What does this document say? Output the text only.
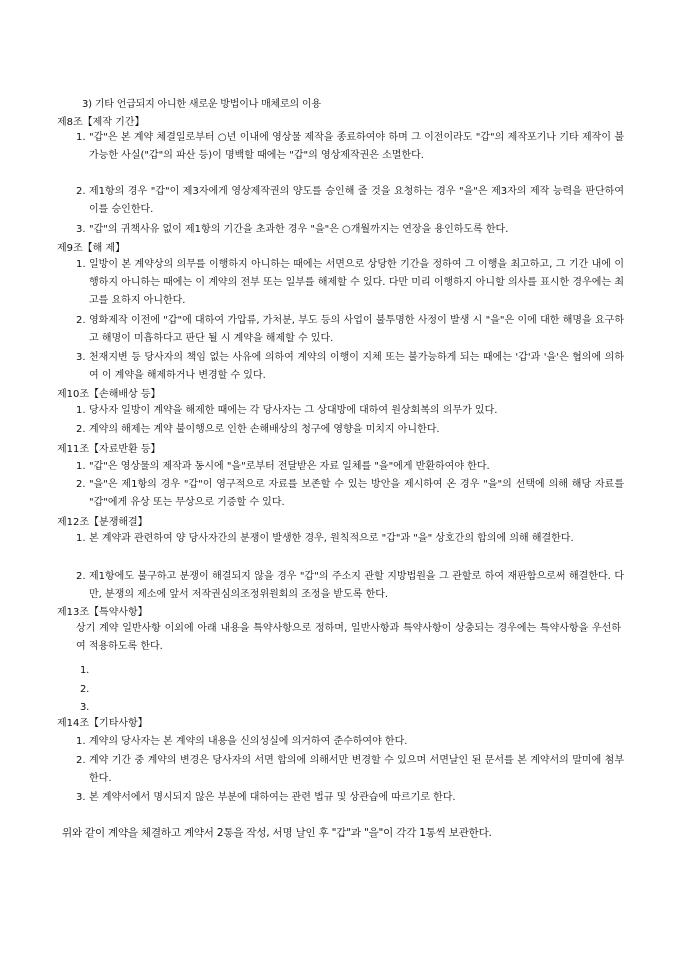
3) 기타 언급되지 아니한 새로운 방법이나 매체로의 이용
제8조【제작 기간】
1. "갑"은 본 계약 체결일로부터 ○년 이내에 영상물 제작을 종료하여야 하며 그 이전이라도 "갑"의 제작포기나 기타 제작이 불가능한 사실("갑"의 파산 등)이 명백할 때에는 "갑"의 영상제작권은 소멸한다.
2. 제1항의 경우 "갑"이 제3자에게 영상제작권의 양도를 승인해 줄 것을 요청하는 경우 "을"은 제3자의 제작 능력을 판단하여 이를 승인한다.
3. "갑"의 귀책사유 없이 제1항의 기간을 초과한 경우 "을"은 ○개월까지는 연장을 용인하도록 한다.
제9조【해 제】
1. 일방이 본 계약상의 의무를 이행하지 아니하는 때에는 서면으로 상당한 기간을 정하여 그 이행을 최고하고, 그 기간 내에 이행하지 아니하는 때에는 이 계약의 전부 또는 일부를 해제할 수 있다. 다만 미리 이행하지 아니할 의사를 표시한 경우에는 최고를 요하지 아니한다.
2. 영화제작 이전에 "갑"에 대하여 가압류, 가처분, 부도 등의 사업이 불투명한 사정이 발생 시 "을"은 이에 대한 해명을 요구하고 해명이 미흡하다고 판단 될 시 계약을 해제할 수 있다.
3. 천재지변 등 당사자의 책임 없는 사유에 의하여 계약의 이행이 지체 또는 불가능하게 되는 때에는 '갑'과 '을'은 협의에 의하여 이 계약을 해제하거나 변경할 수 있다.
제10조【손해배상 등】
1. 당사자 일방이 계약을 해제한 때에는 각 당사자는 그 상대방에 대하여 원상회복의 의무가 있다.
2. 계약의 해제는 계약 불이행으로 인한 손해배상의 청구에 영향을 미치지 아니한다.
제11조【자료반환 등】
1. "갑"은 영상물의 제작과 동시에 "을"로부터 전달받은 자료 일체를 "을"에게 반환하여야 한다.
2. "을"은 제1항의 경우 "갑"이 영구적으로 자료를 보존할 수 있는 방안을 제시하여 온 경우 "을"의 선택에 의해 해당 자료를 "갑"에게 유상 또는 무상으로 기증할 수 있다.
제12조【분쟁해결】
1. 본 계약과 관련하여 양 당사자간의 분쟁이 발생한 경우, 원칙적으로 "갑"과 "을" 상호간의 합의에 의해 해결한다.
2. 제1항에도 불구하고 분쟁이 해결되지 않을 경우 "갑"의 주소지 관할 지방법원을 그 관할로 하여 재판함으로써 해결한다. 다만, 분쟁의 제소에 앞서 저작권심의조정위원회의 조정을 받도록 한다.
제13조【특약사항】
상기 계약 일반사항 이외에 아래 내용을 특약사항으로 정하며, 일반사항과 특약사항이 상충되는 경우에는 특약사항을 우선하여 적용하도록 한다.
1.
2.
3.
제14조【기타사항】
1. 계약의 당사자는 본 계약의 내용을 신의성실에 의거하여 준수하여야 한다.
2. 계약 기간 중 계약의 변경은 당사자의 서면 합의에 의해서만 변경할 수 있으며 서면날인 된 문서를 본 계약서의 말미에 첨부한다.
3. 본 계약서에서 명시되지 않은 부분에 대하여는 관련 법규 및 상관습에 따르기로 한다.
위와 같이 계약을 체결하고 계약서 2통을 작성, 서명 날인 후 "갑"과 "을"이 각각 1통씩 보관한다.
